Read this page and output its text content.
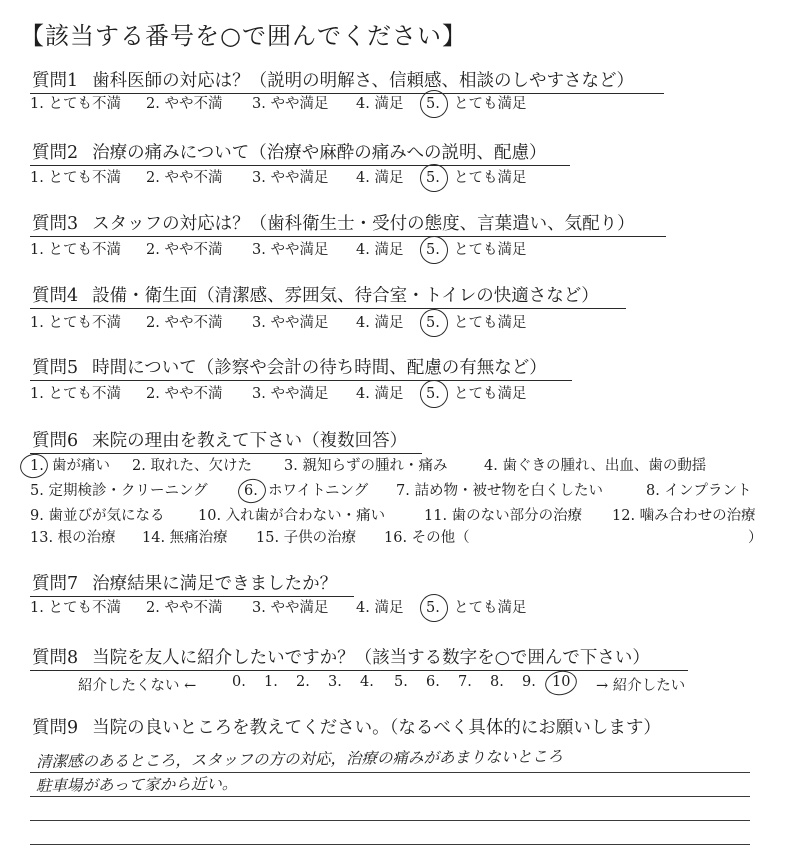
【該当する番号を○で囲んでください】
質問1 歯科医師の対応は？（説明の明解さ、信頼感、相談のしやすさなど）
1. とても不満 2. やや不満 3. やや満足 4. 満足 5. とても満足
質問2 治療の痛みについて（治療や麻酔の痛みへの説明、配慮）
1. とても不満 2. やや不満 3. やや満足 4. 満足 5. とても満足
質問3 スタッフの対応は？（歯科衛生士・受付の態度、言葉遣い、気配り）
1. とても不満 2. やや不満 3. やや満足 4. 満足 5. とても満足
質問4 設備・衛生面（清潔感、雰囲気、待合室・トイレの快適さなど）
1. とても不満 2. やや不満 3. やや満足 4. 満足 5. とても満足
質問5 時間について（診察や会計の待ち時間、配慮の有無など）
1. とても不満 2. やや不満 3. やや満足 4. 満足 5. とても満足
質問6 来院の理由を教えて下さい（複数回答）
質問7 治療結果に満足できましたか？
1. とても不満 2. やや不満 3. やや満足 4. 満足 5. とても満足
質問8 当院を友人に紹介したいですか？（該当する数字を○で囲んで下さい）
質問9 当院の良いところを教えてください。（なるべく具体的にお願いします）
1. 歯が痛い 2. 取れた、欠けた 3. 親知らずの腫れ・痛み	4. 歯ぐきの腫れ、出血、歯の動揺
5. 定期検診・クリーニング	6. ホワイトニング 7. 詰め物・被せ物を白くしたい	8. インプラント
9. 歯並びが気になる 10. 入れ歯が合わない・痛い	11. 歯のない部分の治療 12. 噛み合わせの治療
13. 根の治療 14. 無痛治療 15. 子供の治療 16. その他（	）
紹介したくない ← 0. 1. 2. 3. 4. 5. 6. 7. 8. 9. 10 → 紹介したい
清潔感のあるところ，スタッフの方の対応，治療の痛みがあまりないところ
駐車場があって家から近い。
